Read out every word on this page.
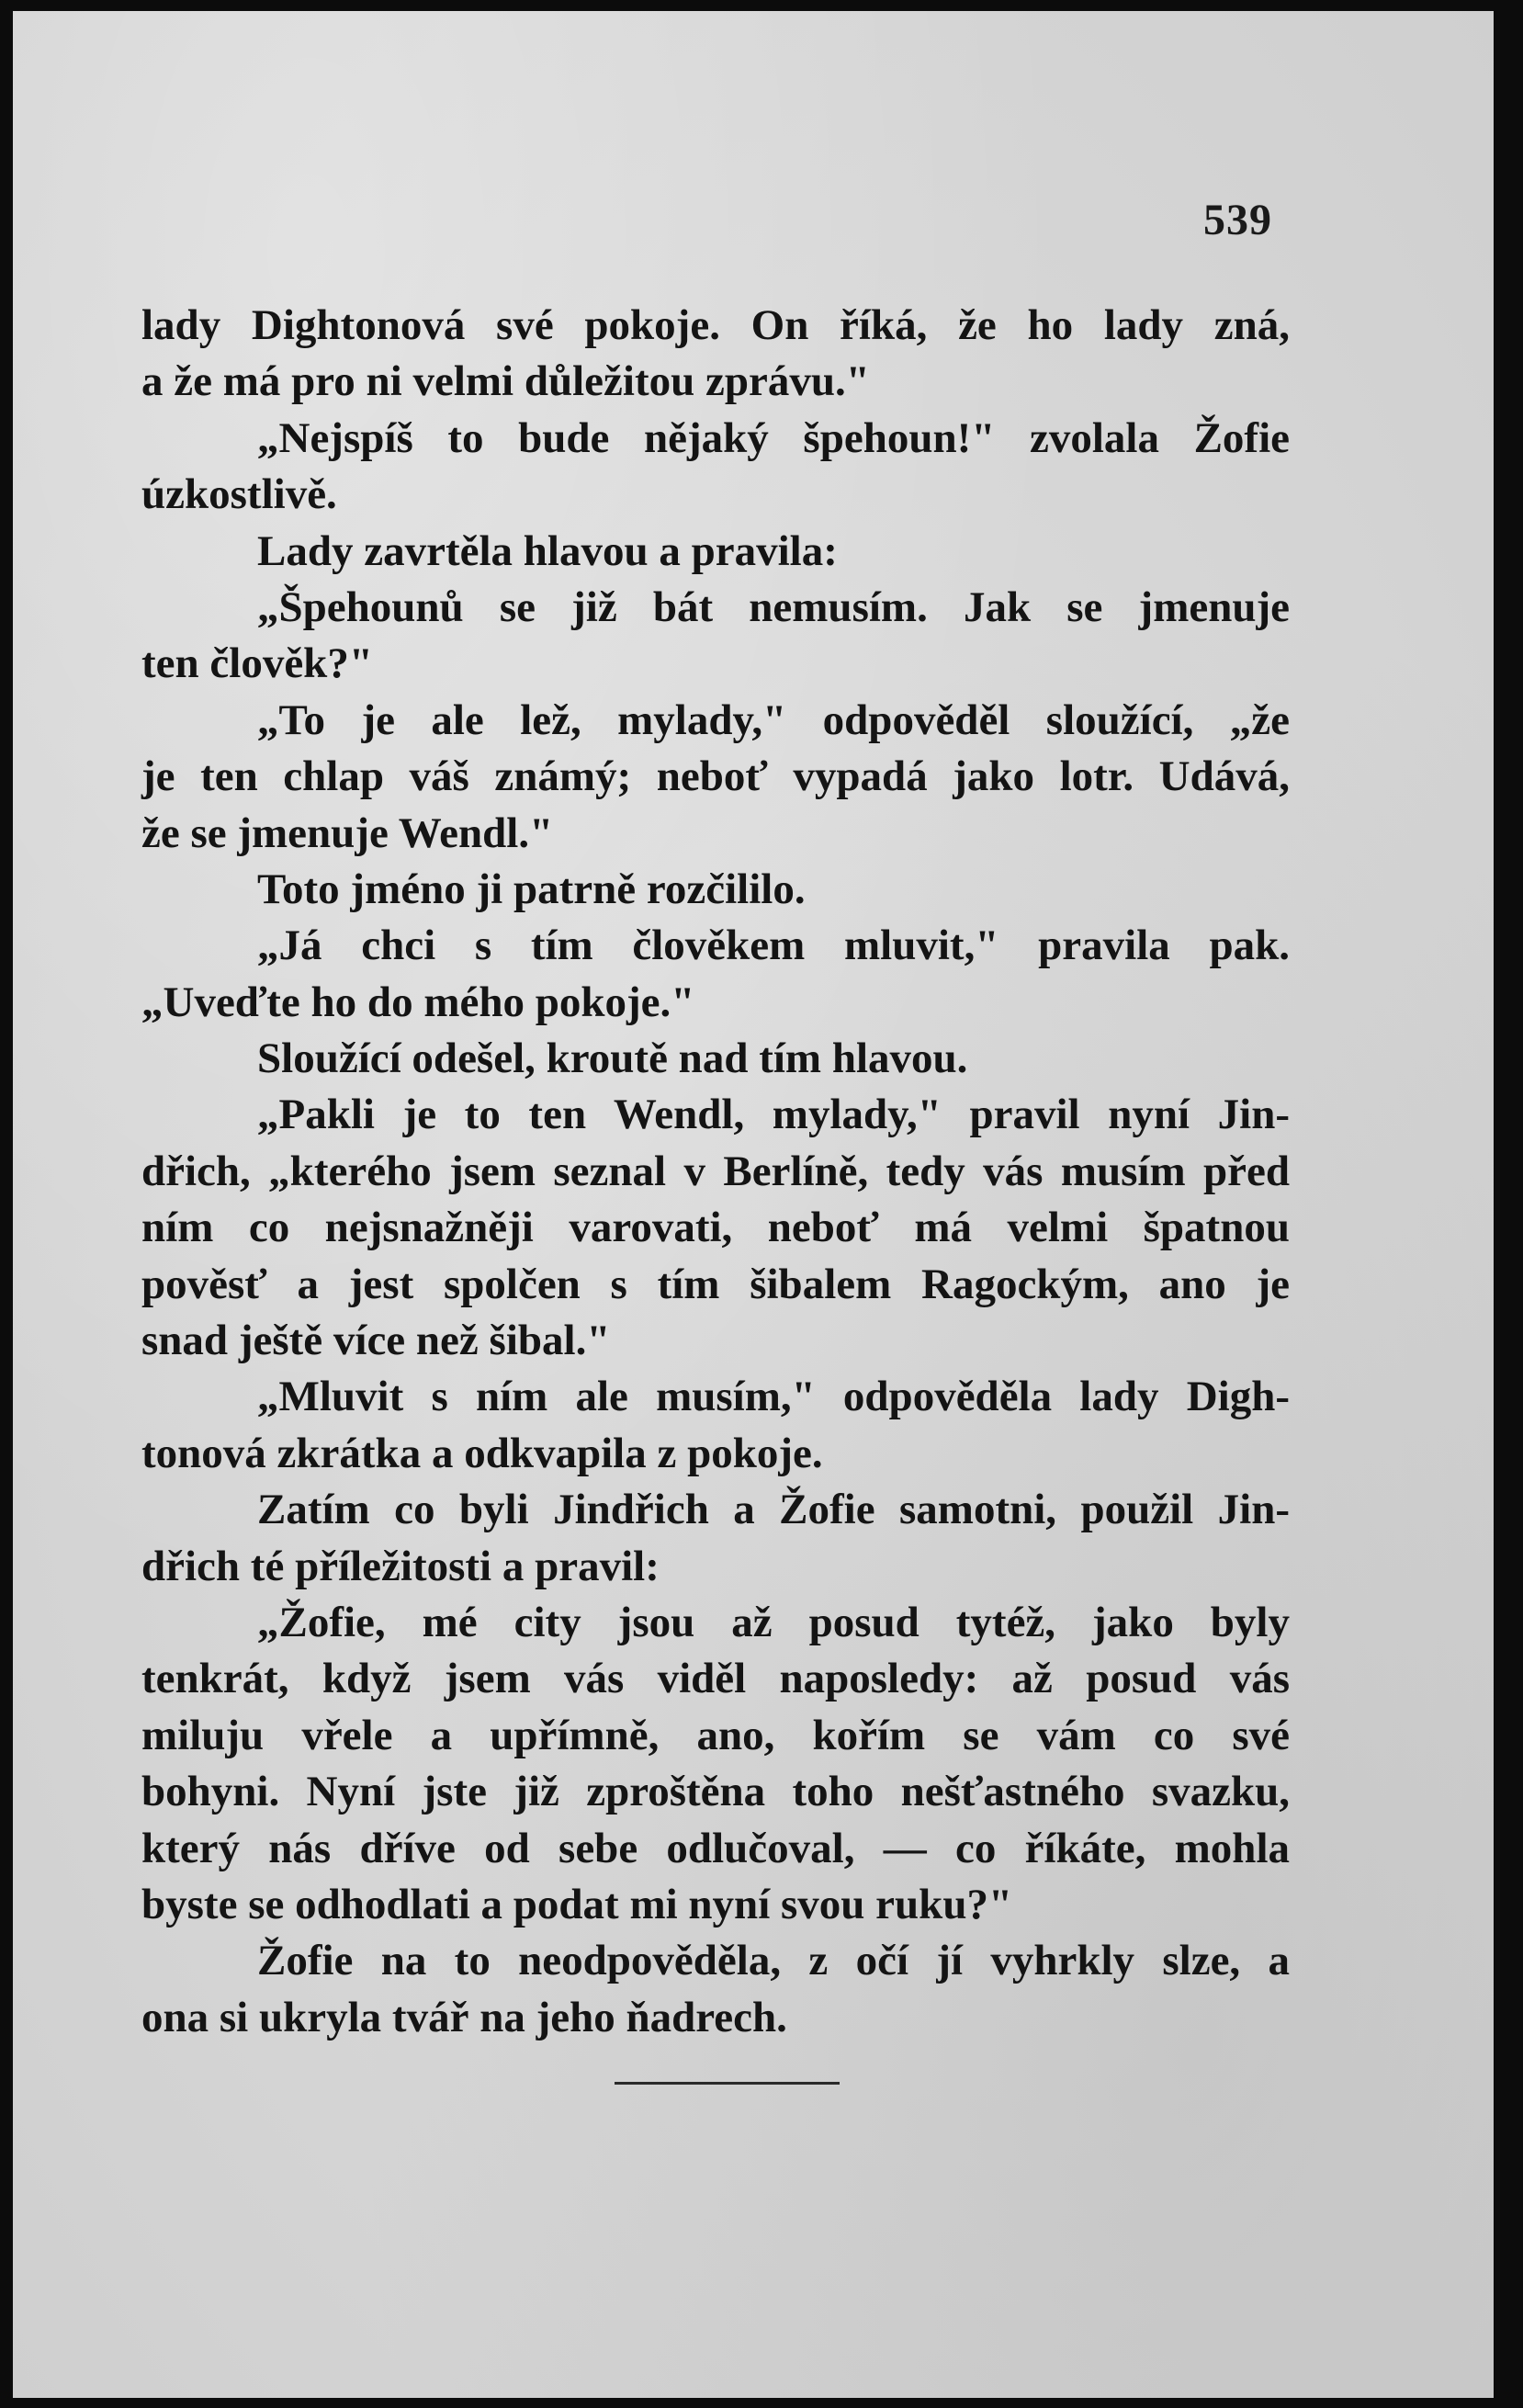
539
lady Dightonová své pokoje. On říká, že ho lady zná,
a že má pro ni velmi důležitou zprávu."
„Nejspíš to bude nějaký špehoun!" zvolala Žofie
úzkostlivě.
Lady zavrtěla hlavou a pravila:
„Špehounů se již bát nemusím. Jak se jmenuje
ten člověk?"
„To je ale lež, mylady," odpověděl sloužící, „že
je ten chlap váš známý; neboť vypadá jako lotr. Udává,
že se jmenuje Wendl."
Toto jméno ji patrně rozčililo.
„Já chci s tím člověkem mluvit," pravila pak.
„Uveďte ho do mého pokoje."
Sloužící odešel, kroutě nad tím hlavou.
„Pakli je to ten Wendl, mylady," pravil nyní Jin-
dřich, „kterého jsem seznal v Berlíně, tedy vás musím před
ním co nejsnažněji varovati, neboť má velmi špatnou
pověsť a jest spolčen s tím šibalem Ragockým, ano je
snad ještě více než šibal."
„Mluvit s ním ale musím," odpověděla lady Digh-
tonová zkrátka a odkvapila z pokoje.
Zatím co byli Jindřich a Žofie samotni, použil Jin-
dřich té příležitosti a pravil:
„Žofie, mé city jsou až posud tytéž, jako byly
tenkrát, když jsem vás viděl naposledy: až posud vás
miluju vřele a upřímně, ano, kořím se vám co své
bohyni. Nyní jste již zproštěna toho nešťastného svazku,
který nás dříve od sebe odlučoval, — co říkáte, mohla
byste se odhodlati a podat mi nyní svou ruku?"
Žofie na to neodpověděla, z očí jí vyhrkly slze, a
ona si ukryla tvář na jeho ňadrech.
